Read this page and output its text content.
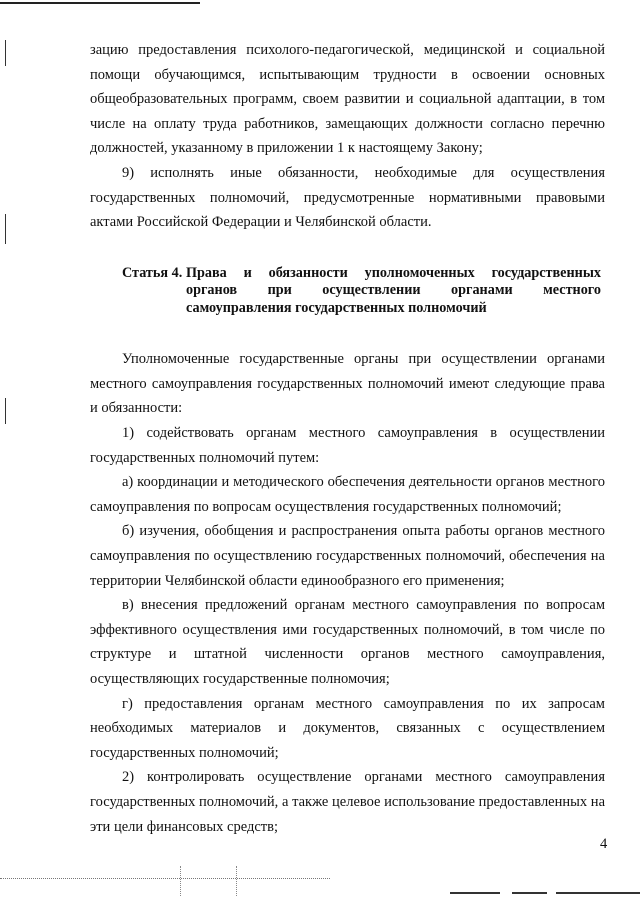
зацию предоставления психолого-педагогической, медицинской и социальной помощи обучающимся, испытывающим трудности в освоении основных общеобразовательных программ, своем развитии и социальной адаптации, в том числе на оплату труда работников, замещающих должности согласно перечню должностей, указанному в приложении 1 к настоящему Закону;

9) исполнять иные обязанности, необходимые для осуществления государственных полномочий, предусмотренные нормативными правовыми актами Российской Федерации и Челябинской области.

Статья 4. Права и обязанности уполномоченных государственных органов при осуществлении органами местного самоуправления государственных полномочий

Уполномоченные государственные органы при осуществлении органами местного самоуправления государственных полномочий имеют следующие права и обязанности:

1) содействовать органам местного самоуправления в осуществлении государственных полномочий путем:

а) координации и методического обеспечения деятельности органов местного самоуправления по вопросам осуществления государственных полномочий;

б) изучения, обобщения и распространения опыта работы органов местного самоуправления по осуществлению государственных полномочий, обеспечения на территории Челябинской области единообразного его применения;

в) внесения предложений органам местного самоуправления по вопросам эффективного осуществления ими государственных полномочий, в том числе по структуре и штатной численности органов местного самоуправления, осуществляющих государственные полномочия;

г) предоставления органам местного самоуправления по их запросам необходимых материалов и документов, связанных с осуществлением государственных полномочий;

2) контролировать осуществление органами местного самоуправления государственных полномочий, а также целевое использование предоставленных на эти цели финансовых средств;

4
